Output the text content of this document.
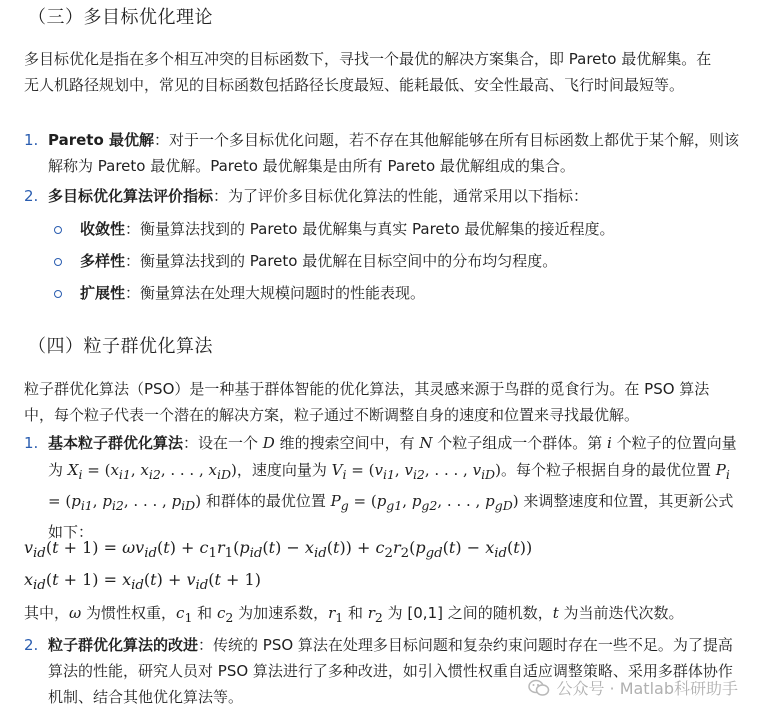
（三）多目标优化理论

多目标优化是指在多个相互冲突的目标函数下，寻找一个最优的解决方案集合，即 Pareto 最优解集。在无人机路径规划中，常见的目标函数包括路径长度最短、能耗最低、安全性最高、飞行时间最短等。

1. Pareto 最优解：对于一个多目标优化问题，若不存在其他解能够在所有目标函数上都优于某个解，则该解称为 Pareto 最优解。Pareto 最优解集是由所有 Pareto 最优解组成的集合。
2. 多目标优化算法评价指标：为了评价多目标优化算法的性能，通常采用以下指标：
收敛性：衡量算法找到的 Pareto 最优解集与真实 Pareto 最优解集的接近程度。
多样性：衡量算法找到的 Pareto 最优解在目标空间中的分布均匀程度。
扩展性：衡量算法在处理大规模问题时的性能表现。
（四）粒子群优化算法

粒子群优化算法（PSO）是一种基于群体智能的优化算法，其灵感来源于鸟群的觅食行为。在 PSO 算法中，每个粒子代表一个潜在的解决方案，粒子通过不断调整自身的速度和位置来寻找最优解。

1. 基本粒子群优化算法：设在一个 D 维的搜索空间中，有 N 个粒子组成一个群体。第 i 个粒子的位置向量为 $X_i = (x_{i1}$, $x_{i2}$, . . . , $x_{iD}$)，速度向量为 $V_i = (v_{i1}$, $v_{i2}$, . . . , $v_{iD}$)。每个粒子根据自身的最优位置 $P_i = (p_{i1}$, $p_{i2}$, . . . , $p_{iD}$) 和群体的最优位置 $P_g = (p_{g1}$, $p_{g2}$, . . . , $p_{gD}$) 来调整速度和位置，其更新公式如下：
$v_{id}(t + 1) = \omega v_{id}(t) + c_1r_1(p_{id}(t) - x_{id}(t)) + c_2r_2(p_{gd}(t) - x_{id}(t))$
$x_{id}(t + 1) = x_{id}(t) + v_{id}(t + 1)$

其中，ω 为惯性权重，$c_1$ 和 $c_2$ 为加速系数，$r_1$ 和 $r_2$ 为 [0,1] 之间的随机数，t 为当前迭代次数。

2. 粒子群优化算法的改进：传统的 PSO 算法在处理多目标问题和复杂约束问题时存在一些不足。为了提高算法的性能，研究人员对 PSO 算法进行了多种改进，如引入惯性权重自适应调整策略、采用多群体协作机制、结合其他优化算法等。	公众号 · Matlab科研助手
